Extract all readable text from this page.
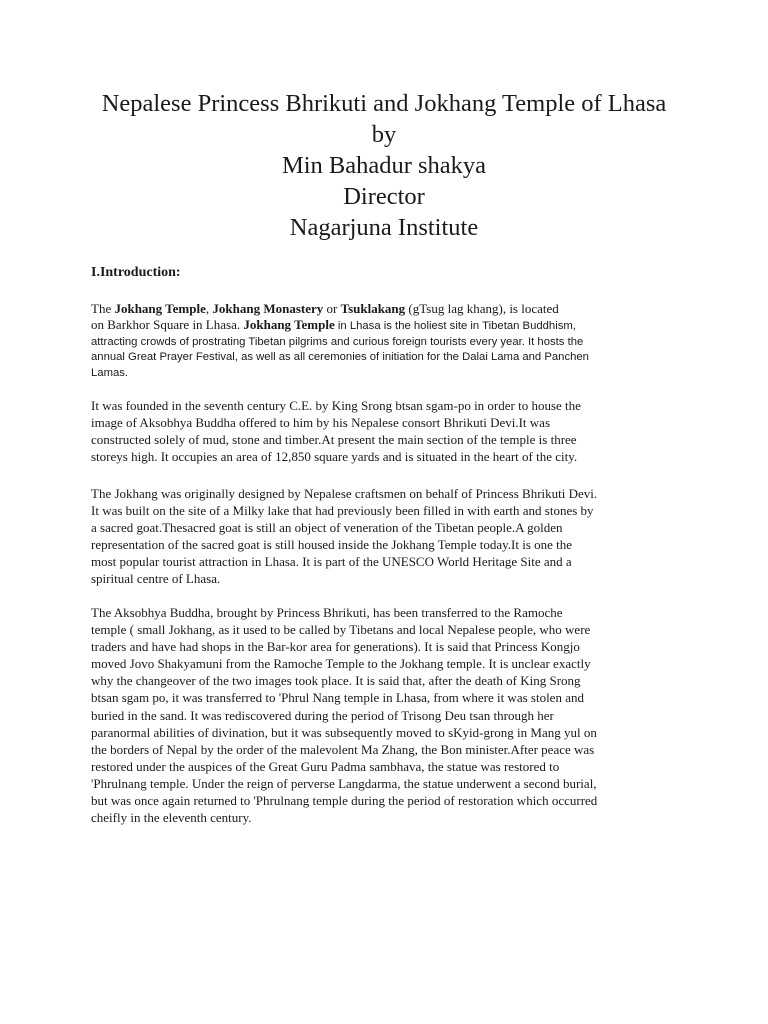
Nepalese Princess Bhrikuti and Jokhang Temple of Lhasa
by
Min Bahadur shakya
Director
Nagarjuna Institute
I.Introduction:
The Jokhang Temple, Jokhang Monastery or Tsuklakang (gTsug lag khang), is located
on Barkhor Square in Lhasa. Jokhang Temple in Lhasa is the holiest site in Tibetan Buddhism,
attracting crowds of prostrating Tibetan pilgrims and curious foreign tourists every year. It hosts the
annual Great Prayer Festival, as well as all ceremonies of initiation for the Dalai Lama and Panchen
Lamas.
It was founded in the seventh century C.E. by King Srong btsan sgam-po in order to house the
image of Aksobhya Buddha offered to him by his Nepalese consort Bhrikuti Devi.It was
constructed solely of mud, stone and timber.At present the main section of the temple is three
storeys high. It occupies an area of 12,850 square yards and is situated in the heart of the city.
The Jokhang was originally designed by Nepalese craftsmen on behalf of Princess Bhrikuti Devi.
It was built on the site of a Milky lake that had previously been filled in with earth and stones by
a sacred goat.Thesacred goat is still an object of veneration of the Tibetan people.A golden
representation of the sacred goat is still housed inside the Jokhang Temple today.It is one the
most popular tourist attraction in Lhasa. It is part of the UNESCO World Heritage Site and a
spiritual centre of Lhasa.
The Aksobhya Buddha, brought by Princess Bhrikuti, has been transferred to the Ramoche
temple ( small Jokhang, as it used to be called by Tibetans and local Nepalese people, who were
traders and have had shops in the Bar-kor area for generations). It is said that Princess Kongjo
moved Jovo Shakyamuni from the Ramoche Temple to the Jokhang temple. It is unclear exactly
why the changeover of the two images took place. It is said that, after the death of King Srong
btsan sgam po, it was transferred to 'Phrul Nang temple in Lhasa, from where it was stolen and
buried in the sand. It was rediscovered during the period of Trisong Deu tsan through her
paranormal abilities of divination, but it was subsequently moved to sKyid-grong in Mang yul on
the borders of Nepal by the order of the malevolent Ma Zhang, the Bon minister.After peace was
restored under the auspices of the Great Guru Padma sambhava, the statue was restored to
'Phrulnang temple. Under the reign of perverse Langdarma, the statue underwent a second burial,
but was once again returned to 'Phrulnang temple during the period of restoration which occurred
cheifly in the eleventh century.
